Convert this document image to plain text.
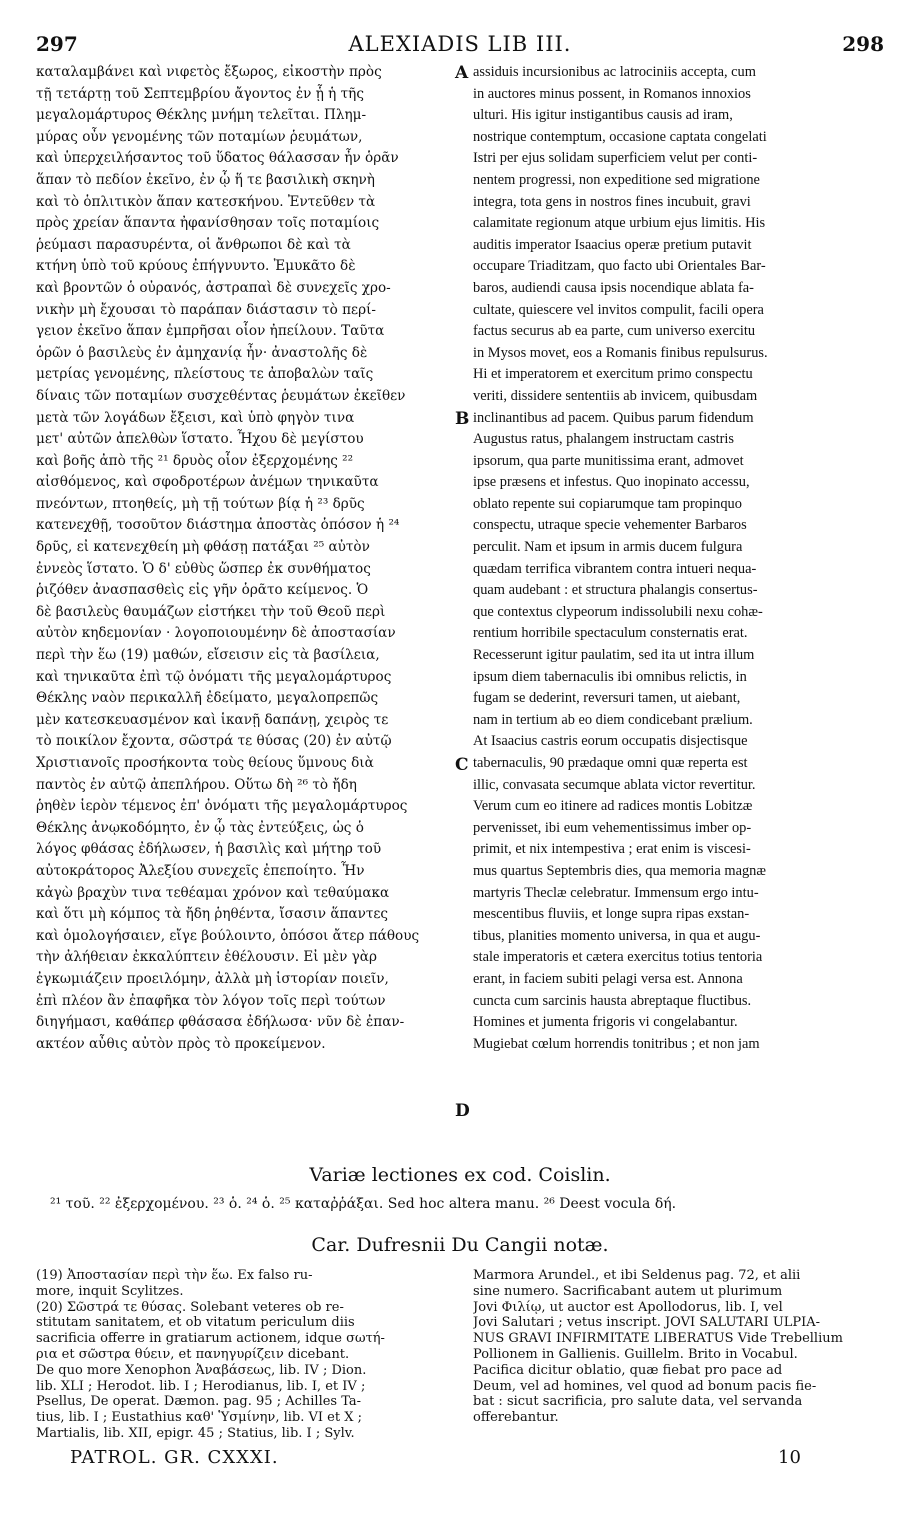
297	ALEXIADIS LIB III.	298
καταλαμβάνει καὶ νιφετὸς ἔξωρος, εἰκοστὴν πρὸς
τῇ τετάρτῃ τοῦ Σεπτεμβρίου ἄγοντος ἐν ᾗ ἡ τῆς
μεγαλομάρτυρος Θέκλης μνήμη τελεῖται. Πλημ-
μύρας οὖν γενομένης τῶν ποταμίων ῥευμάτων,
καὶ ὑπερχειλήσαντος τοῦ ὕδατος θάλασσαν ἦν ὁρᾶν
ἅπαν τὸ πεδίον ἐκεῖνο, ἐν ᾧ ἥ τε βασιλικὴ σκηνὴ
καὶ τὸ ὁπλιτικὸν ἅπαν κατεσκήνου. Ἐντεῦθεν τὰ
πρὸς χρείαν ἅπαντα ἠφανίσθησαν τοῖς ποταμίοις
ῥεύμασι παρασυρέντα, οἱ ἄνθρωποι δὲ καὶ τὰ
κτήνη ὑπὸ τοῦ κρύους ἐπήγνυντο. Ἐμυκᾶτο δὲ
καὶ βροντῶν ὁ οὐρανός, ἀστραπαὶ δὲ συνεχεῖς χρο-
νικὴν μὴ ἔχουσαι τὸ παράπαν διάστασιν τὸ περί-
γειον ἐκεῖνο ἅπαν ἐμπρῆσαι οἷον ἠπείλουν. Ταῦτα
ὁρῶν ὁ βασιλεὺς ἐν ἀμηχανίᾳ ἦν· ἀναστολῆς δὲ
μετρίας γενομένης, πλείστους τε ἀποβαλὼν ταῖς
δίναις τῶν ποταμίων συσχεθέντας ῥευμάτων ἐκεῖθεν
μετὰ τῶν λογάδων ἔξεισι, καὶ ὑπὸ φηγὸν τινα
μετ' αὐτῶν ἀπελθὼν ἵστατο. Ἦχου δὲ μεγίστου
καὶ βοῆς ἀπὸ τῆς ²¹ δρυὸς οἷον ἐξερχομένης ²²
αἰσθόμενος, καὶ σφοδροτέρων ἀνέμων τηνικαῦτα
πνεόντων, πτοηθείς, μὴ τῇ τούτων βίᾳ ἡ ²³ δρῦς
κατενεχθῇ, τοσοῦτον διάστημα ἀποστὰς ὁπόσον ἡ ²⁴
δρῦς, εἰ κατενεχθείη μὴ φθάσῃ πατάξαι ²⁵ αὐτὸν
ἐννεὸς ἵστατο. Ὁ δ' εὐθὺς ὥσπερ ἐκ συνθήματος
ῥιζόθεν ἀνασπασθεὶς εἰς γῆν ὁρᾶτο κείμενος. Ὁ
δὲ βασιλεὺς θαυμάζων εἱστήκει τὴν τοῦ Θεοῦ περὶ
αὐτὸν κηδεμονίαν · λογοποιουμένην δὲ ἀποστασίαν
περὶ τὴν ἕω (19) μαθών, εἴσεισιν εἰς τὰ βασίλεια,
καὶ τηνικαῦτα ἐπὶ τῷ ὀνόματι τῆς μεγαλομάρτυρος
Θέκλης ναὸν περικαλλῆ ἐδείματο, μεγαλοπρεπῶς
μὲν κατεσκευασμένον καὶ ἱκανῇ δαπάνῃ, χειρὸς τε
τὸ ποικίλον ἔχοντα, σῶστρά τε θύσας (20) ἐν αὐτῷ
Χριστιανοῖς προσήκοντα τοὺς θείους ὕμνους διὰ
παντὸς ἐν αὐτῷ ἀπεπλήρου. Οὕτω δὴ ²⁶ τὸ ἤδη
ῥηθὲν ἱερὸν τέμενος ἐπ' ὀνόματι τῆς μεγαλομάρτυρος
Θέκλης ἀνῳκοδόμητο, ἐν ᾧ τὰς ἐντεύξεις, ὡς ὁ
λόγος φθάσας ἐδήλωσεν, ἡ βασιλὶς καὶ μήτηρ τοῦ
αὐτοκράτορος Ἀλεξίου συνεχεῖς ἐπεποίητο. Ἦν
κἀγὼ βραχὺν τινα τεθέαμαι χρόνον καὶ τεθαύμακα
καὶ ὅτι μὴ κόμπος τὰ ἤδη ῥηθέντα, ἴσασιν ἅπαντες
καὶ ὁμολογήσαιεν, εἴγε βούλοιντο, ὁπόσοι ἄτερ πάθους
τὴν ἀλήθειαν ἐκκαλύπτειν ἐθέλουσιν. Εἰ μὲν γὰρ
ἐγκωμιάζειν προειλόμην, ἀλλὰ μὴ ἱστορίαν ποιεῖν,
ἐπὶ πλέον ἂν ἐπαφῆκα τὸν λόγον τοῖς περὶ τούτων
διηγήμασι, καθάπερ φθάσασα ἐδήλωσα· νῦν δὲ ἐπαν-
ακτέον αὖθις αὐτὸν πρὸς τὸ προκείμενον.
assiduis incursionibus ac latrociniis accepta, cum
in auctores minus possent, in Romanos innoxios
ulturi. His igitur instigantibus causis ad iram,
nostrique contemptum, occasione captata congelati
Istri per ejus solidam superficiem velut per conti-
nentem progressi, non expeditione sed migratione
integra, tota gens in nostros fines incubuit, gravi
calamitate regionum atque urbium ejus limitis. His
auditis imperator Isaacius operæ pretium putavit
occupare Triaditzam, quo facto ubi Orientales Bar-
baros, audiendi causa ipsis nocendique ablata fa-
cultate, quiescere vel invitos compulit, facili opera
factus securus ab ea parte, cum universo exercitu
in Mysos movet, eos a Romanis finibus repulsurus.
Hi et imperatorem et exercitum primo conspectu
veriti, dissidere sententiis ab invicem, quibusdam
inclinantibus ad pacem. Quibus parum fidendum
Augustus ratus, phalangem instructam castris
ipsorum, qua parte munitissima erant, admovet
ipse præsens et infestus. Quo inopinato accessu,
oblato repente sui copiarumque tam propinquo
conspectu, utraque specie vehementer Barbaros
perculit. Nam et ipsum in armis ducem fulgura
quædam terrifica vibrantem contra intueri nequa-
quam audebant : et structura phalangis consertus-
que contextus clypeorum indissolubili nexu cohæ-
rentium horribile spectaculum consternatis erat.
Recesserunt igitur paulatim, sed ita ut intra illum
ipsum diem tabernaculis ibi omnibus relictis, in
fugam se dederint, reversuri tamen, ut aiebant,
nam in tertium ab eo diem condicebant prælium.
At Isaacius castris eorum occupatis disjectisque
tabernaculis, 90 prædaque omni quæ reperta est
illic, convasata secumque ablata victor revertitur.
Verum cum eo itinere ad radices montis Lobitzæ
pervenisset, ibi eum vehementissimus imber op-
primit, et nix intempestiva ; erat enim is viscesi-
mus quartus Septembris dies, qua memoria magnæ
martyris Theclæ celebratur. Immensum ergo intu-
mescentibus fluviis, et longe supra ripas exstan-
tibus, planities momento universa, in qua et augu-
stale imperatoris et cætera exercitus totius tentoria
erant, in faciem subiti pelagi versa est. Annona
cuncta cum sarcinis hausta abreptaque fluctibus.
Homines et jumenta frigoris vi congelabantur.
Mugiebat cœlum horrendis tonitribus ; et non jam
A
B
C
D
Variæ lectiones ex cod. Coislin.
²¹ τοῦ. ²² ἐξερχομένου. ²³ ὁ. ²⁴ ὁ. ²⁵ καταῤῥάξαι. Sed hoc altera manu. ²⁶ Deest vocula δή.
Car. Dufresnii Du Cangii notæ.
(19) Ἀποστασίαν περὶ τὴν ἕω. Ex falso ru-
more, inquit Scylitzes.
(20) Σῶστρά τε θύσας. Solebant veteres ob re-
stitutam sanitatem, et ob vitatum periculum diis
sacrificia offerre in gratiarum actionem, idque σωτή-
ρια et σῶστρα θύειν, et πανηγυρίζειν dicebant.
De quo more Xenophon Ἀναβάσεως, lib. IV ; Dion.
lib. XLI ; Herodot. lib. I ; Herodianus, lib. I, et IV ;
Psellus, De operat. Dæmon. pag. 95 ; Achilles Ta-
tius, lib. I ; Eustathius καθ' Ὑσμίνην, lib. VI et X ;
Martialis, lib. XII, epigr. 45 ; Statius, lib. I ; Sylv.
Marmora Arundel., et ibi Seldenus pag. 72, et alii
sine numero. Sacrificabant autem ut plurimum
Jovi Φιλίῳ, ut auctor est Apollodorus, lib. I, vel
Jovi Salutari ; vetus inscript. JOVI SALUTARI ULPIA-
NUS GRAVI INFIRMITATE LIBERATUS Vide Trebellium
Pollionem in Gallienis. Guillelm. Brito in Vocabul.
Pacifica dicitur oblatio, quæ fiebat pro pace ad
Deum, vel ad homines, vel quod ad bonum pacis fie-
bat : sicut sacrificia, pro salute data, vel servanda
offerebantur.
PATROL. GR. CXXXI.	10
